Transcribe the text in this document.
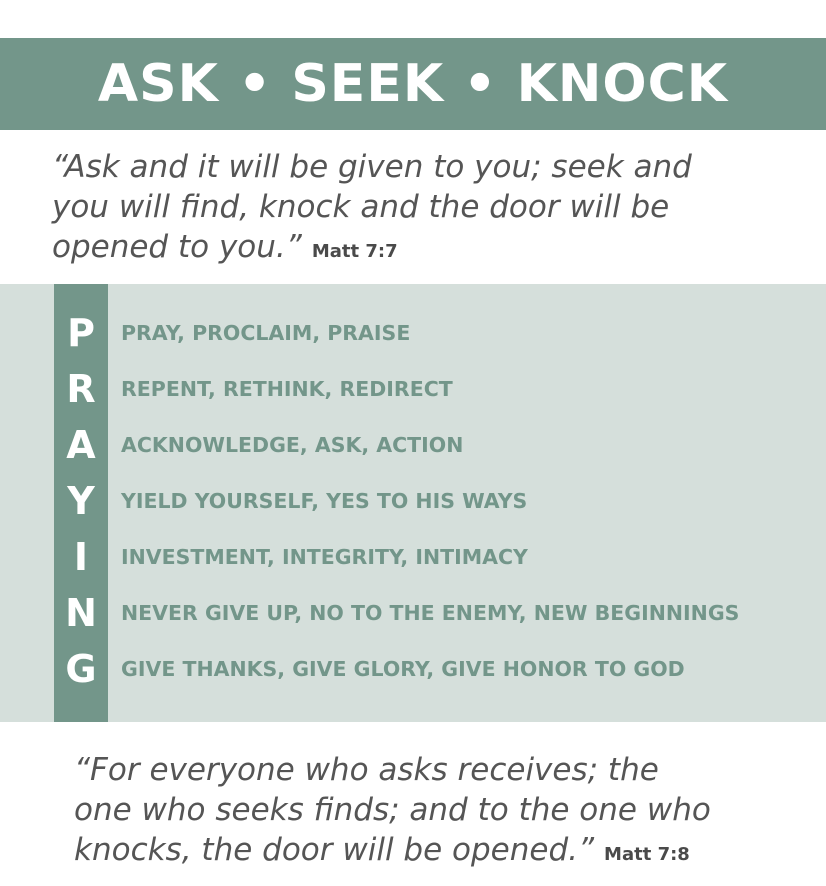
ASK • SEEK • KNOCK
“Ask and it will be given to you; seek and
you will find, knock and the door will be
opened to you.” Matt 7:7
P	PRAY, PROCLAIM, PRAISE
R	REPENT, RETHINK, REDIRECT
A	ACKNOWLEDGE, ASK, ACTION
Y	YIELD YOURSELF, YES TO HIS WAYS
I	INVESTMENT, INTEGRITY, INTIMACY
N	NEVER GIVE UP, NO TO THE ENEMY, NEW BEGINNINGS
G	GIVE THANKS, GIVE GLORY, GIVE HONOR TO GOD
“For everyone who asks receives; the
one who seeks finds; and to the one who
knocks, the door will be opened.” Matt 7:8
